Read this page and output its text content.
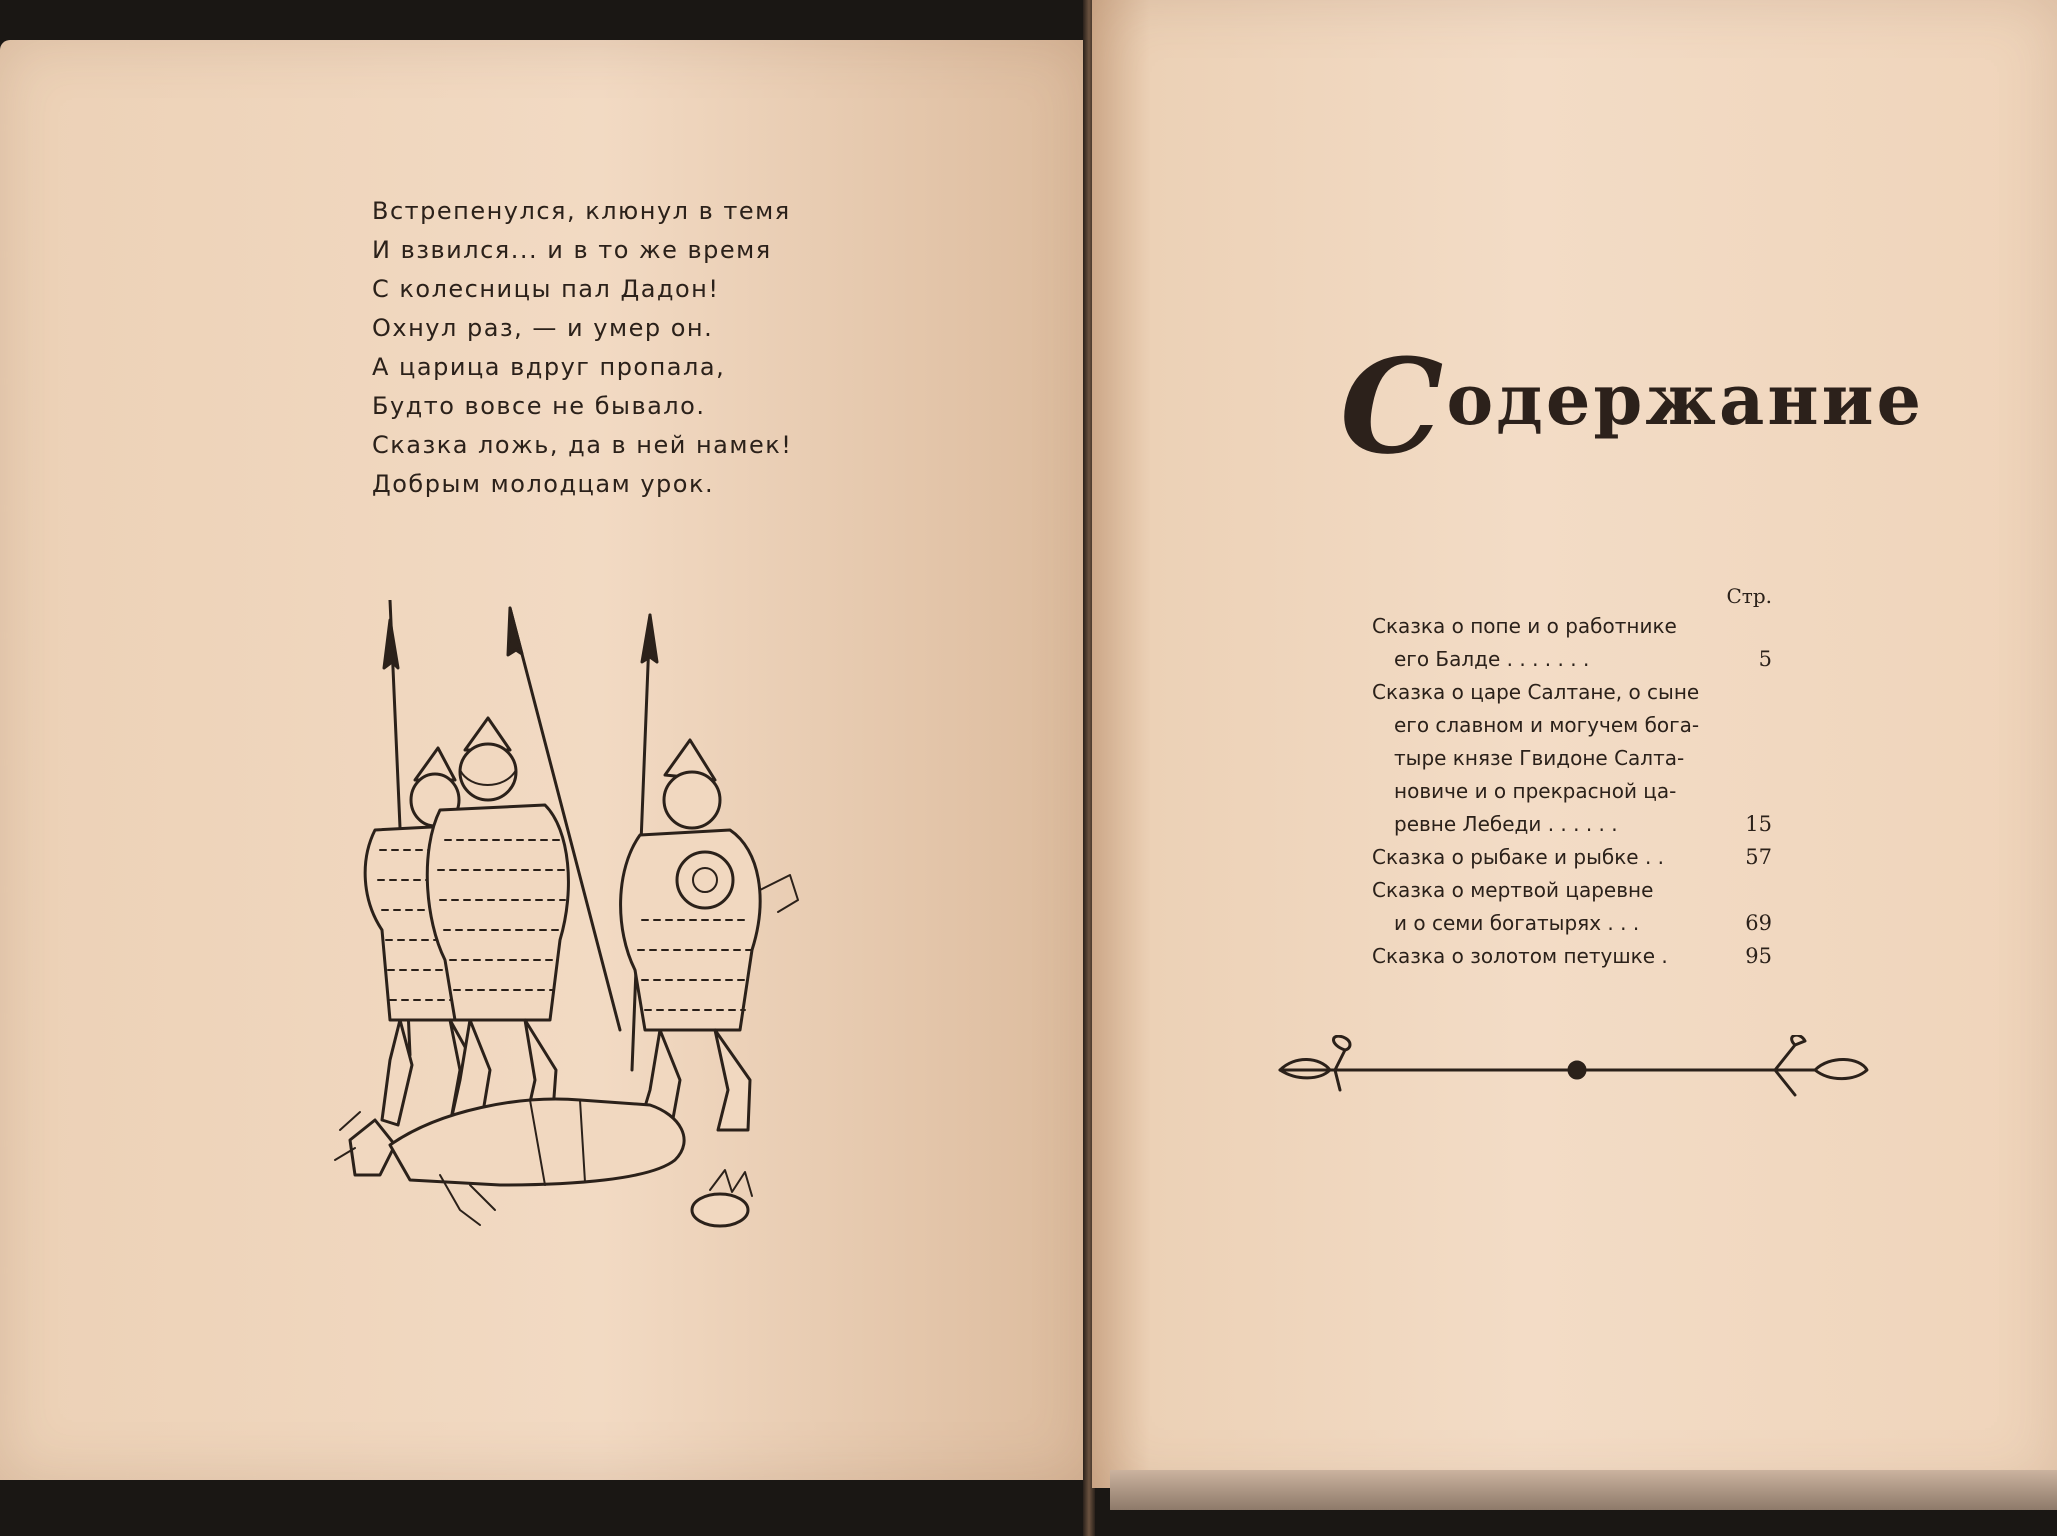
Встрепенулся, клюнул в темя
И взвился... и в то же время
С колесницы пал Дадон!
Охнул раз, — и умер он.
А царица вдруг пропала,
Будто вовсе не бывало.
Сказка ложь, да в ней намек!
Добрым молодцам урок.
Содержание
Стр.
Сказка о попе и о работнике
его Балде . . . . . . .	5
Сказка о царе Салтане, о сыне
его славном и могучем бога-
тыре князе Гвидоне Салта-
новиче и о прекрасной ца-
ревне Лебеди . . . . . .	15
Сказка о рыбаке и рыбке . .	57
Сказка о мертвой царевне
и о семи богатырях . . .	69
Сказка о золотом петушке .	95
